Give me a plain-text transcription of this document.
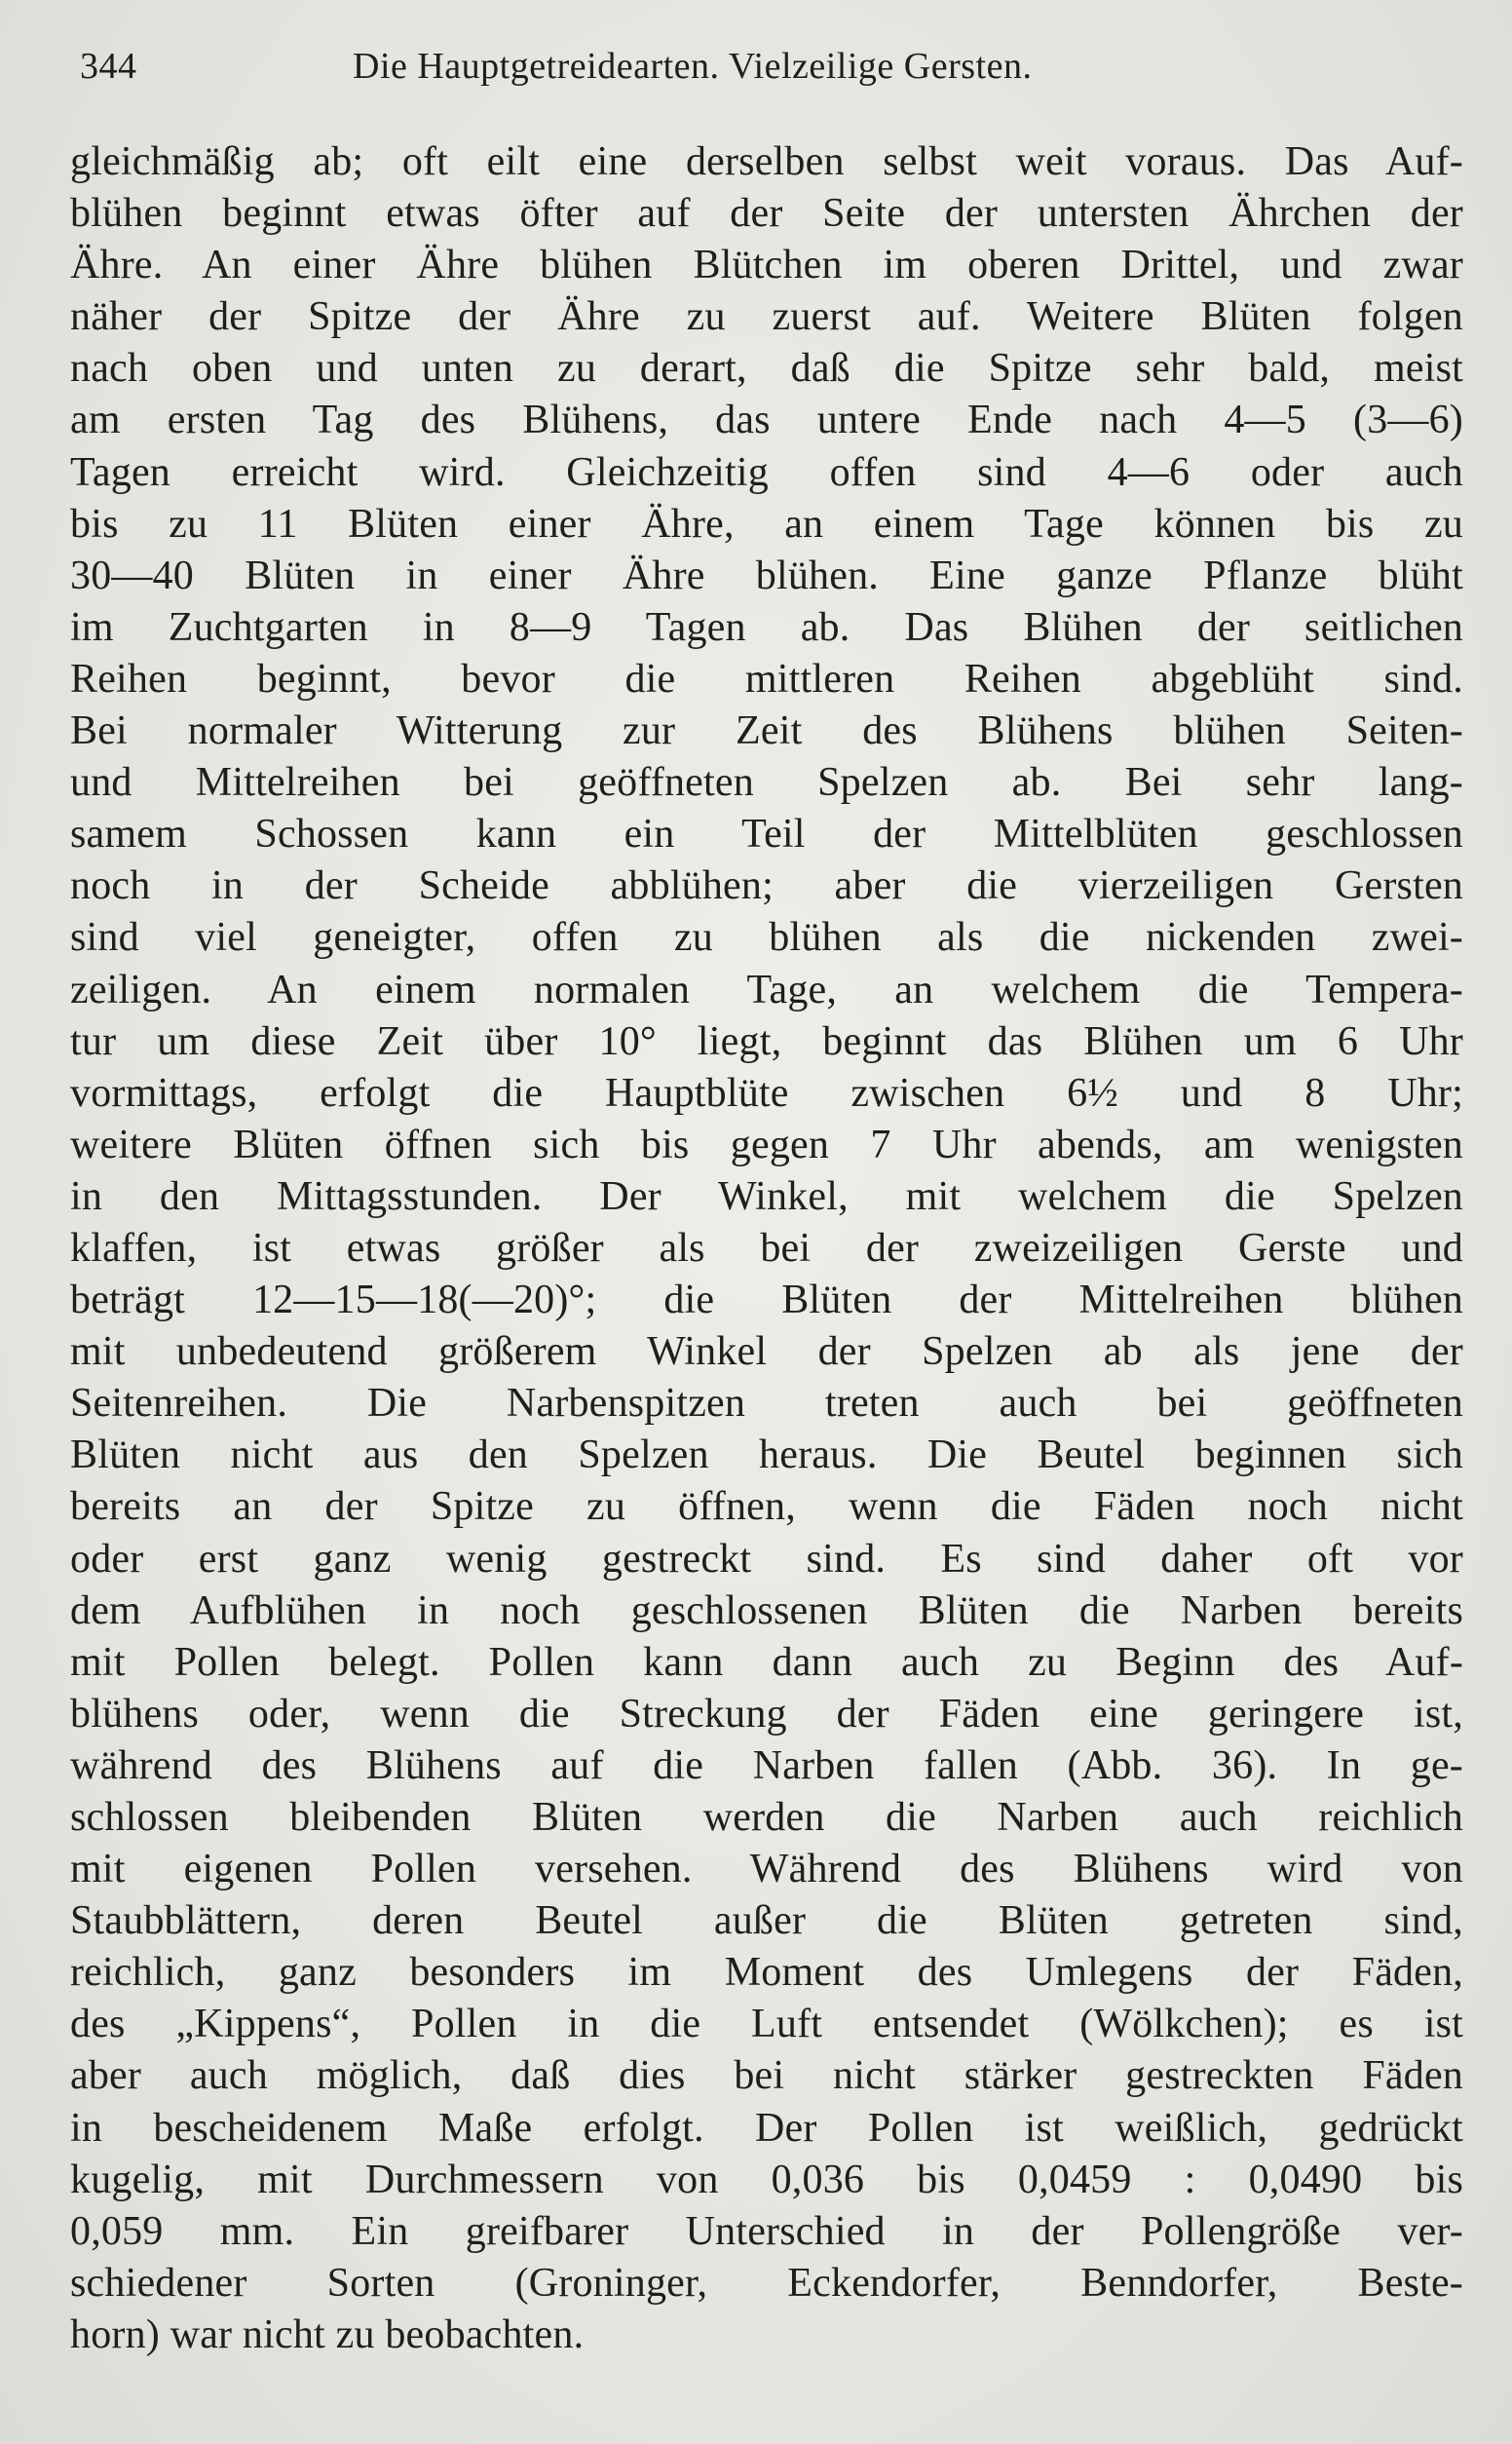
344	Die Hauptgetreidearten. Vielzeilige Gersten.
gleichmäßig ab; oft eilt eine derselben selbst weit voraus. Das Auf-
blühen beginnt etwas öfter auf der Seite der untersten Ährchen der
Ähre. An einer Ähre blühen Blütchen im oberen Drittel, und zwar
näher der Spitze der Ähre zu zuerst auf. Weitere Blüten folgen
nach oben und unten zu derart, daß die Spitze sehr bald, meist
am ersten Tag des Blühens, das untere Ende nach 4—5 (3—6)
Tagen erreicht wird. Gleichzeitig offen sind 4—6 oder auch
bis zu 11 Blüten einer Ähre, an einem Tage können bis zu
30—40 Blüten in einer Ähre blühen. Eine ganze Pflanze blüht
im Zuchtgarten in 8—9 Tagen ab. Das Blühen der seitlichen
Reihen beginnt, bevor die mittleren Reihen abgeblüht sind.
Bei normaler Witterung zur Zeit des Blühens blühen Seiten-
und Mittelreihen bei geöffneten Spelzen ab. Bei sehr lang-
samem Schossen kann ein Teil der Mittelblüten geschlossen
noch in der Scheide abblühen; aber die vierzeiligen Gersten
sind viel geneigter, offen zu blühen als die nickenden zwei-
zeiligen. An einem normalen Tage, an welchem die Tempera-
tur um diese Zeit über 10° liegt, beginnt das Blühen um 6 Uhr
vormittags, erfolgt die Hauptblüte zwischen 6½ und 8 Uhr;
weitere Blüten öffnen sich bis gegen 7 Uhr abends, am wenigsten
in den Mittagsstunden. Der Winkel, mit welchem die Spelzen
klaffen, ist etwas größer als bei der zweizeiligen Gerste und
beträgt 12—15—18(—20)°; die Blüten der Mittelreihen blühen
mit unbedeutend größerem Winkel der Spelzen ab als jene der
Seitenreihen. Die Narbenspitzen treten auch bei geöffneten
Blüten nicht aus den Spelzen heraus. Die Beutel beginnen sich
bereits an der Spitze zu öffnen, wenn die Fäden noch nicht
oder erst ganz wenig gestreckt sind. Es sind daher oft vor
dem Aufblühen in noch geschlossenen Blüten die Narben bereits
mit Pollen belegt. Pollen kann dann auch zu Beginn des Auf-
blühens oder, wenn die Streckung der Fäden eine geringere ist,
während des Blühens auf die Narben fallen (Abb. 36). In ge-
schlossen bleibenden Blüten werden die Narben auch reichlich
mit eigenen Pollen versehen. Während des Blühens wird von
Staubblättern, deren Beutel außer die Blüten getreten sind,
reichlich, ganz besonders im Moment des Umlegens der Fäden,
des „Kippens“, Pollen in die Luft entsendet (Wölkchen); es ist
aber auch möglich, daß dies bei nicht stärker gestreckten Fäden
in bescheidenem Maße erfolgt. Der Pollen ist weißlich, gedrückt
kugelig, mit Durchmessern von 0,036 bis 0,0459 : 0,0490 bis
0,059 mm. Ein greifbarer Unterschied in der Pollengröße ver-
schiedener Sorten (Groninger, Eckendorfer, Benndorfer, Beste-
horn) war nicht zu beobachten.
